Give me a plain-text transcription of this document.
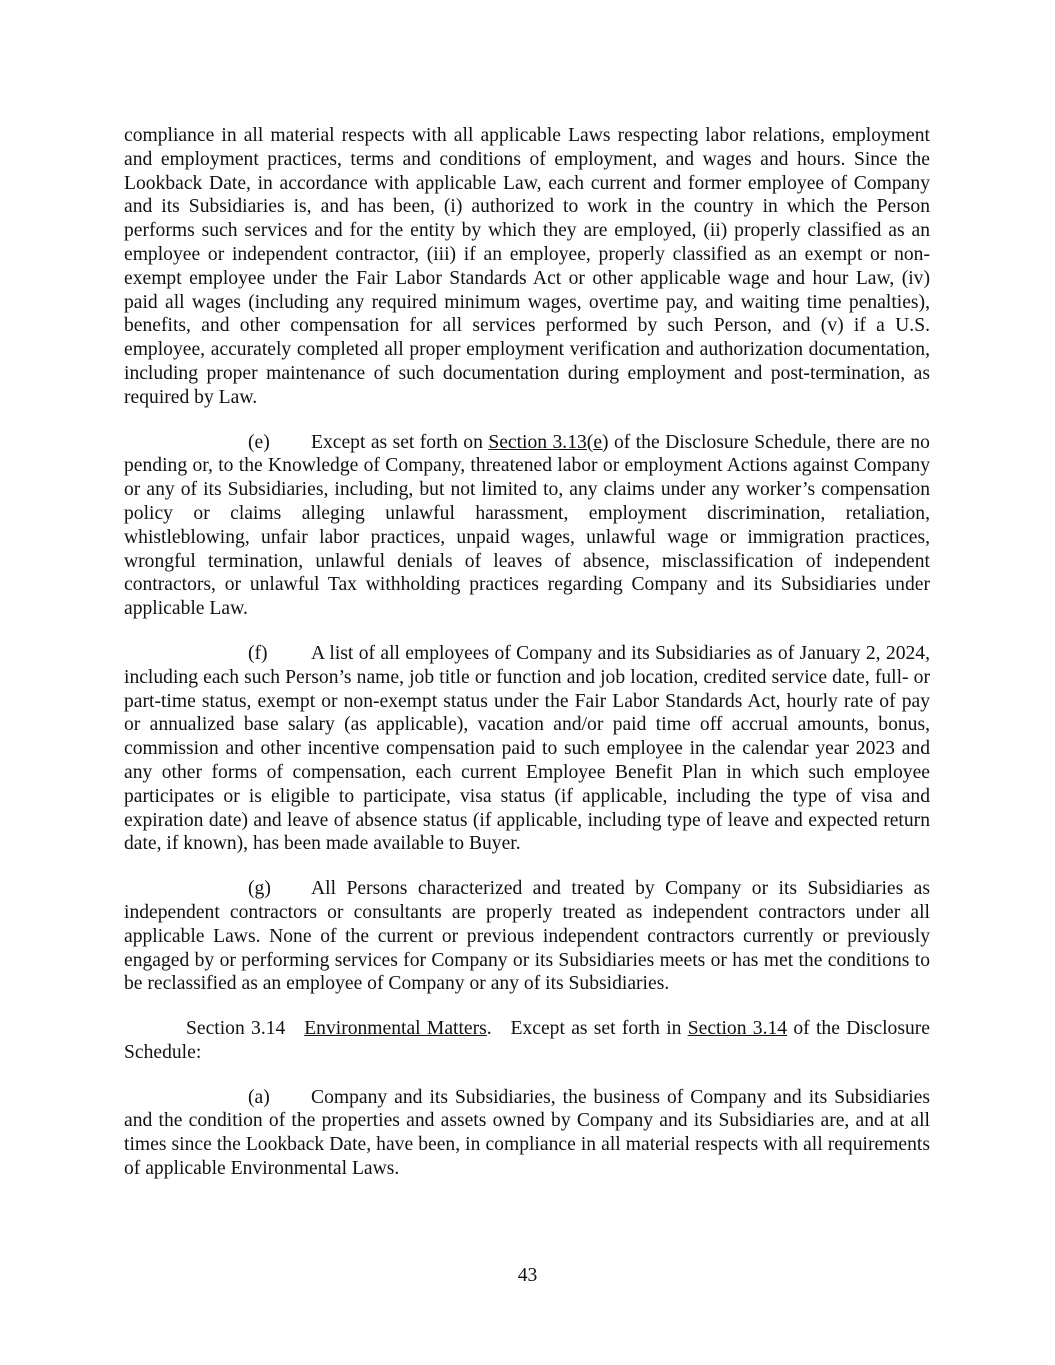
compliance in all material respects with all applicable Laws respecting labor relations, employment and employment practices, terms and conditions of employment, and wages and hours. Since the Lookback Date, in accordance with applicable Law, each current and former employee of Company and its Subsidiaries is, and has been, (i) authorized to work in the country in which the Person performs such services and for the entity by which they are employed, (ii) properly classified as an employee or independent contractor, (iii) if an employee, properly classified as an exempt or non-exempt employee under the Fair Labor Standards Act or other applicable wage and hour Law, (iv) paid all wages (including any required minimum wages, overtime pay, and waiting time penalties), benefits, and other compensation for all services performed by such Person, and (v) if a U.S. employee, accurately completed all proper employment verification and authorization documentation, including proper maintenance of such documentation during employment and post-termination, as required by Law.

(e) Except as set forth on Section 3.13(e) of the Disclosure Schedule, there are no pending or, to the Knowledge of Company, threatened labor or employment Actions against Company or any of its Subsidiaries, including, but not limited to, any claims under any worker’s compensation policy or claims alleging unlawful harassment, employment discrimination, retaliation, whistleblowing, unfair labor practices, unpaid wages, unlawful wage or immigration practices, wrongful termination, unlawful denials of leaves of absence, misclassification of independent contractors, or unlawful Tax withholding practices regarding Company and its Subsidiaries under applicable Law.

(f) A list of all employees of Company and its Subsidiaries as of January 2, 2024, including each such Person’s name, job title or function and job location, credited service date, full- or part-time status, exempt or non-exempt status under the Fair Labor Standards Act, hourly rate of pay or annualized base salary (as applicable), vacation and/or paid time off accrual amounts, bonus, commission and other incentive compensation paid to such employee in the calendar year 2023 and any other forms of compensation, each current Employee Benefit Plan in which such employee participates or is eligible to participate, visa status (if applicable, including the type of visa and expiration date) and leave of absence status (if applicable, including type of leave and expected return date, if known), has been made available to Buyer.

(g) All Persons characterized and treated by Company or its Subsidiaries as independent contractors or consultants are properly treated as independent contractors under all applicable Laws. None of the current or previous independent contractors currently or previously engaged by or performing services for Company or its Subsidiaries meets or has met the conditions to be reclassified as an employee of Company or any of its Subsidiaries.

Section 3.14 Environmental Matters. Except as set forth in Section 3.14 of the Disclosure Schedule:

(a) Company and its Subsidiaries, the business of Company and its Subsidiaries and the condition of the properties and assets owned by Company and its Subsidiaries are, and at all times since the Lookback Date, have been, in compliance in all material respects with all requirements of applicable Environmental Laws.

43
